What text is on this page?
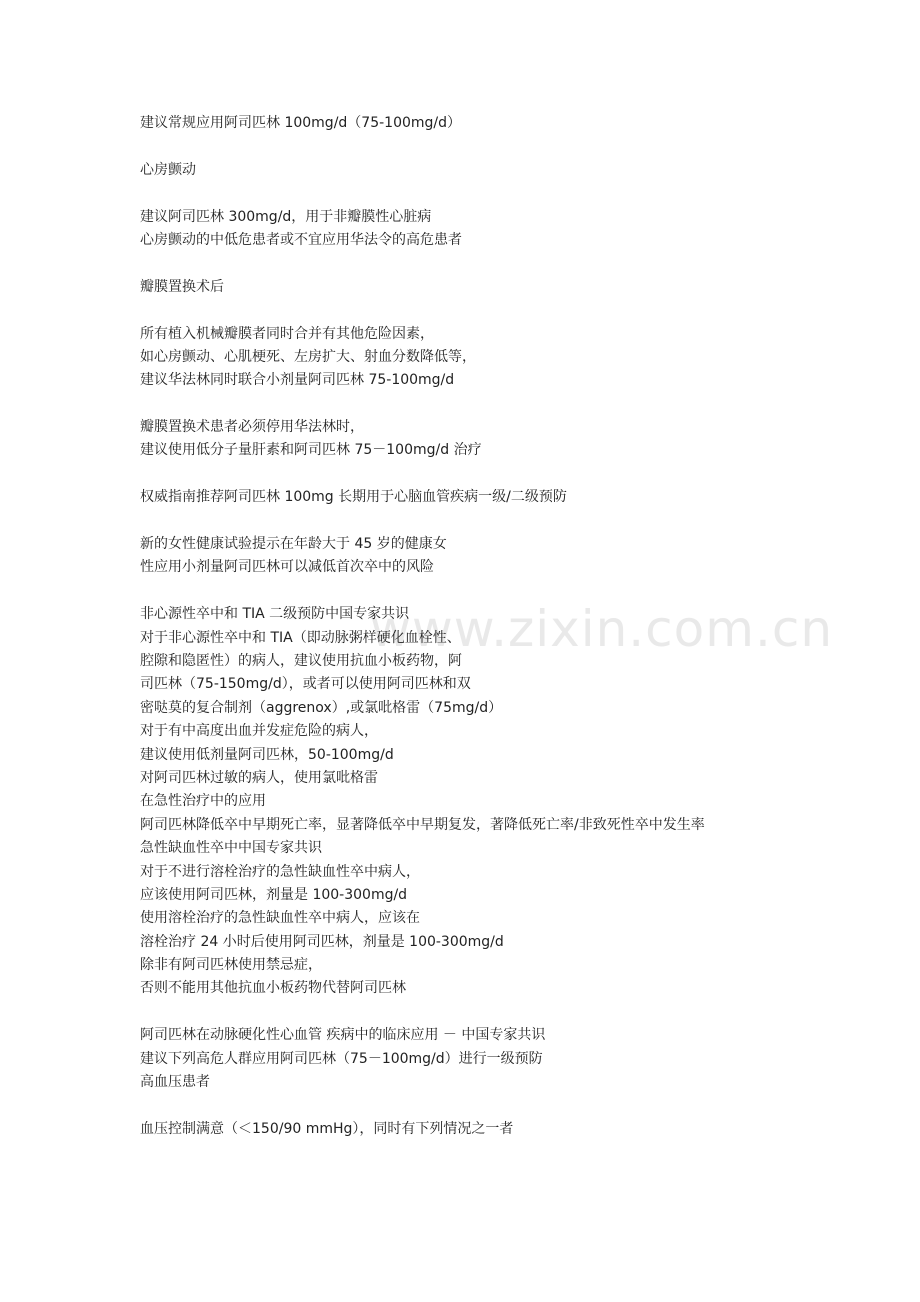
www.zixin.com.cn
建议常规应用阿司匹林 100mg/d（75-100mg/d）
心房颤动
建议阿司匹林 300mg/d，用于非瓣膜性心脏病
心房颤动的中低危患者或不宜应用华法令的高危患者
瓣膜置换术后
所有植入机械瓣膜者同时合并有其他危险因素，
如心房颤动、心肌梗死、左房扩大、射血分数降低等，
建议华法林同时联合小剂量阿司匹林 75-100mg/d
瓣膜置换术患者必须停用华法林时，
建议使用低分子量肝素和阿司匹林 75－100mg/d 治疗
权威指南推荐阿司匹林 100mg 长期用于心脑血管疾病一级/二级预防
新的女性健康试验提示在年龄大于 45 岁的健康女
性应用小剂量阿司匹林可以减低首次卒中的风险
非心源性卒中和 TIA 二级预防中国专家共识
对于非心源性卒中和 TIA（即动脉粥样硬化血栓性、
腔隙和隐匿性）的病人，建议使用抗血小板药物，阿
司匹林（75-150mg/d），或者可以使用阿司匹林和双
密哒莫的复合制剂（aggrenox）,或氯吡格雷（75mg/d）
对于有中高度出血并发症危险的病人，
建议使用低剂量阿司匹林，50-100mg/d
对阿司匹林过敏的病人，使用氯吡格雷
在急性治疗中的应用
阿司匹林降低卒中早期死亡率，显著降低卒中早期复发，著降低死亡率/非致死性卒中发生率
急性缺血性卒中中国专家共识
对于不进行溶栓治疗的急性缺血性卒中病人，
应该使用阿司匹林，剂量是 100-300mg/d
使用溶栓治疗的急性缺血性卒中病人，应该在
溶栓治疗 24 小时后使用阿司匹林，剂量是 100-300mg/d
除非有阿司匹林使用禁忌症，
否则不能用其他抗血小板药物代替阿司匹林
阿司匹林在动脉硬化性心血管 疾病中的临床应用 － 中国专家共识
建议下列高危人群应用阿司匹林（75－100mg/d）进行一级预防
高血压患者
血压控制满意（＜150/90 mmHg），同时有下列情况之一者
